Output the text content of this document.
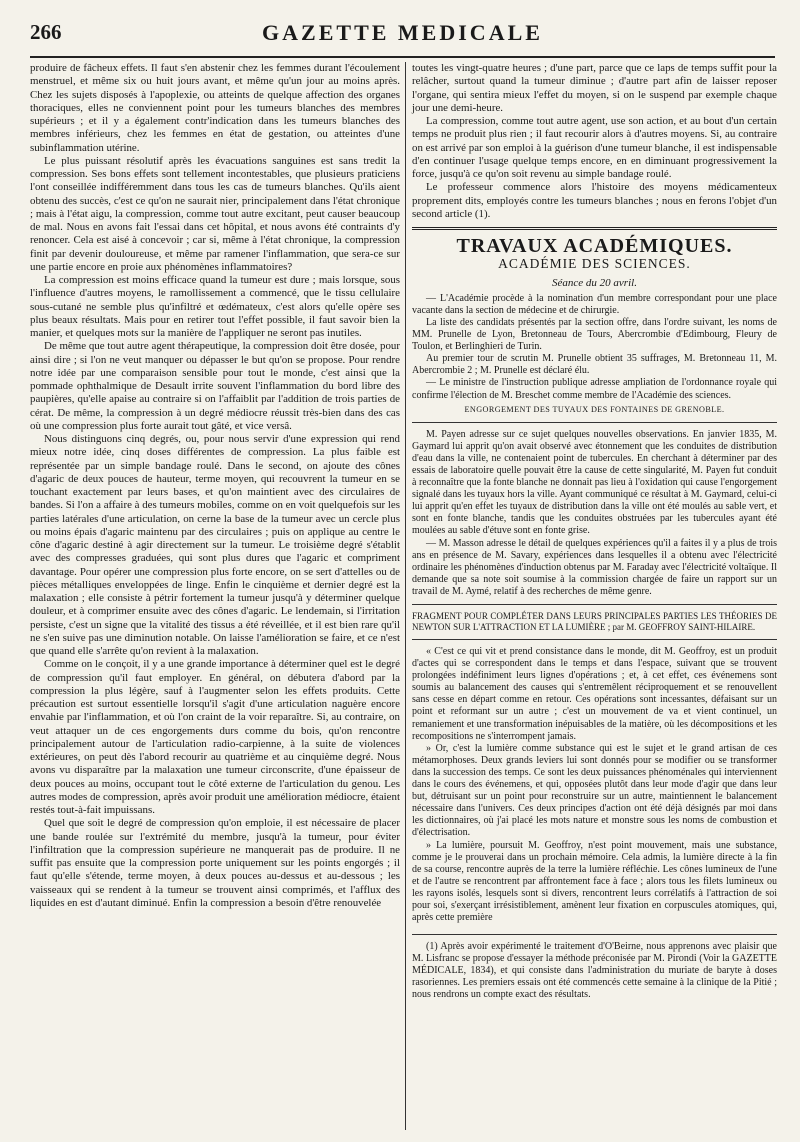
266	GAZETTE MEDICALE

produire de fâcheux effets. Il faut s'en abstenir chez les femmes durant l'écoulement menstruel, et même six ou huit jours avant, et même qu'un jour au moins après. Chez les sujets disposés à l'apoplexie, ou atteints de quelque affection des organes thoraciques, elles ne conviennent point pour les tumeurs blanches des membres supérieurs ; et il y a également contr'indication dans les tumeurs blanches des membres inférieurs, chez les femmes en état de gestation, ou atteintes d'une subinflammation utérine.

Le plus puissant résolutif après les évacuations sanguines est sans tredit la compression. Ses bons effets sont tellement incontestables, que plusieurs praticiens l'ont conseillée indifféremment dans tous les cas de tumeurs blanches. Qu'ils aient obtenu des succès, c'est ce qu'on ne saurait nier, principalement dans l'état chronique ; mais à l'état aigu, la compression, comme tout autre excitant, peut causer beaucoup de mal. Nous en avons fait l'essai dans cet hôpital, et nous avons été contraints d'y renoncer. Cela est aisé à concevoir ; car si, même à l'état chronique, la compression finit par devenir douloureuse, et même par ramener l'inflammation, que sera-ce sur une partie encore en proie aux phénomènes inflammatoires?

La compression est moins efficace quand la tumeur est dure ; mais lorsque, sous l'influence d'autres moyens, le ramollissement a commencé, que le tissu cellulaire sous-cutané ne semble plus qu'infiltré et œdémateux, c'est alors qu'elle opère ses plus beaux résultats. Mais pour en retirer tout l'effet possible, il faut savoir bien la manier, et quelques mots sur la manière de l'appliquer ne seront pas inutiles.

De même que tout autre agent thérapeutique, la compression doit être dosée, pour ainsi dire ; si l'on ne veut manquer ou dépasser le but qu'on se propose. Pour rendre notre idée par une comparaison sensible pour tout le monde, c'est ainsi que la pommade ophthalmique de Desault irrite souvent l'inflammation du bord libre des paupières, qu'elle apaise au contraire si on l'affaiblit par l'addition de trois parties de cérat. De même, la compression à un degré médiocre réussit très-bien dans des cas où une compression plus forte aurait tout gâté, et vice versâ.

Nous distinguons cinq degrés, ou, pour nous servir d'une expression qui rend mieux notre idée, cinq doses différentes de compression. La plus faible est représentée par un simple bandage roulé. Dans le second, on ajoute des cônes d'agaric de deux pouces de hauteur, terme moyen, qui recouvrent la tumeur en se touchant exactement par leurs bases, et qu'on maintient avec des circulaires de bandes. Si l'on a affaire à des tumeurs mobiles, comme on en voit quelquefois sur les parties latérales d'une articulation, on cerne la base de la tumeur avec un cercle plus ou moins épais d'agaric maintenu par des circulaires ; puis on applique au centre le cône d'agaric destiné à agir directement sur la tumeur. Le troisième degré s'établit avec des compresses graduées, qui sont plus dures que l'agaric et compriment davantage. Pour opérer une compression plus forte encore, on se sert d'attelles ou de pièces métalliques enveloppées de linge. Enfin le cinquième et dernier degré est la malaxation ; elle consiste à pétrir fortement la tumeur jusqu'à y déterminer quelque douleur, et à comprimer ensuite avec des cônes d'agaric. Le lendemain, si l'irritation persiste, c'est un signe que la vitalité des tissus a été réveillée, et il est bien rare qu'il ne s'en suive pas une diminution notable. On laisse l'amélioration se faire, et ce n'est que quand elle s'arrête qu'on revient à la malaxation.

Comme on le conçoit, il y a une grande importance à déterminer quel est le degré de compression qu'il faut employer. En général, on débutera d'abord par la compression la plus légère, sauf à l'augmenter selon les effets produits. Cette précaution est surtout essentielle lorsqu'il s'agit d'une articulation naguère encore envahie par l'inflammation, et où l'on craint de la voir reparaître. Si, au contraire, on veut attaquer un de ces engorgements durs comme du bois, qu'on rencontre principalement autour de l'articulation radio-carpienne, à la suite de violences extérieures, on peut dès l'abord recourir au quatrième et au cinquième degré. Nous avons vu disparaître par la malaxation une tumeur circonscrite, d'une épaisseur de deux pouces au moins, occupant tout le côté externe de l'articulation du genou. Les autres modes de compression, après avoir produit une amélioration médiocre, étaient restés tout-à-fait impuissans.

Quel que soit le degré de compression qu'on emploie, il est nécessaire de placer une bande roulée sur l'extrémité du membre, jusqu'à la tumeur, pour éviter l'infiltration que la compression supérieure ne manquerait pas de produire. Il ne suffit pas ensuite que la compression porte uniquement sur les points engorgés ; il faut qu'elle s'étende, terme moyen, à deux pouces au-dessus et au-dessous ; les vaisseaux qui se rendent à la tumeur se trouvent ainsi comprimés, et l'afflux des liquides en est d'autant diminué. Enfin la compression a besoin d'être renouvelée

toutes les vingt-quatre heures ; d'une part, parce que ce laps de temps suffit pour la relâcher, surtout quand la tumeur diminue ; d'autre part afin de laisser reposer l'organe, qui sentira mieux l'effet du moyen, si on le suspend par exemple chaque jour une demi-heure.

La compression, comme tout autre agent, use son action, et au bout d'un certain temps ne produit plus rien ; il faut recourir alors à d'autres moyens. Si, au contraire on est arrivé par son emploi à la guérison d'une tumeur blanche, il est indispensable d'en continuer l'usage quelque temps encore, en en diminuant progressivement la force, jusqu'à ce qu'on soit revenu au simple bandage roulé.

Le professeur commence alors l'histoire des moyens médicamenteux proprement dits, employés contre les tumeurs blanches ; nous en ferons l'objet d'un second article (1).

TRAVAUX ACADÉMIQUES.
ACADÉMIE DES SCIENCES.
Séance du 20 avril.

— L'Académie procède à la nomination d'un membre correspondant pour une place vacante dans la section de médecine et de chirurgie.

La liste des candidats présentés par la section offre, dans l'ordre suivant, les noms de MM. Prunelle de Lyon, Bretonneau de Tours, Abercrombie d'Edimbourg, Fleury de Toulon, et Berlinghieri de Turin.

Au premier tour de scrutin M. Prunelle obtient 35 suffrages, M. Bretonneau 11, M. Abercrombie 2 ; M. Prunelle est déclaré élu.

— Le ministre de l'instruction publique adresse ampliation de l'ordonnance royale qui confirme l'élection de M. Breschet comme membre de l'Académie des sciences.

ENGORGEMENT DES TUYAUX DES FONTAINES DE GRENOBLE.

M. Payen adresse sur ce sujet quelques nouvelles observations. En janvier 1835, M. Gaymard lui apprit qu'on avait observé avec étonnement que les conduites de distribution d'eau dans la ville, ne contenaient point de tubercules. En cherchant à déterminer par des essais de laboratoire quelle pouvait être la cause de cette singularité, M. Payen fut conduit à reconnaître que la fonte blanche ne donnait pas lieu à l'oxidation qui cause l'engorgement signalé dans les tuyaux hors la ville. Ayant communiqué ce résultat à M. Gaymard, celui-ci lui apprit qu'en effet les tuyaux de distribution dans la ville ont été moulés au sable vert, et sont en fonte blanche, tandis que les conduites obstruées par les tubercules ayant été moulées au sable d'étuve sont en fonte grise.

— M. Masson adresse le détail de quelques expériences qu'il a faites il y a plus de trois ans en présence de M. Savary, expériences dans lesquelles il a obtenu avec l'électricité ordinaire les phénomènes d'induction obtenus par M. Faraday avec l'électricité voltaïque. Il demande que sa note soit soumise à la commission chargée de faire un rapport sur un travail de M. Aymé, relatif à des recherches de même genre.

FRAGMENT POUR COMPLÉTER DANS LEURS PRINCIPALES PARTIES LES THÉORIES DE NEWTON SUR L'ATTRACTION ET LA LUMIÈRE ; par M. GEOFFROY SAINT-HILAIRE.

« C'est ce qui vit et prend consistance dans le monde, dit M. Geoffroy, est un produit d'actes qui se correspondent dans le temps et dans l'espace, suivant que se trouvent prolongées indéfiniment leurs lignes d'opérations ; et, à cet effet, ces événemens sont soumis au balancement des causes qui s'entremêlent réciproquement et se renouvellent sans cesse en départ comme en retour. Ces opérations sont incessantes, défaisant sur un point et reformant sur un autre ; c'est un mouvement de va et vient continuel, un remaniement et une transformation inépuisables de la matière, où les décompositions et les recompositions ne s'interrompent jamais.

» Or, c'est la lumière comme substance qui est le sujet et le grand artisan de ces métamorphoses. Deux grands leviers lui sont donnés pour se modifier ou se transformer dans la succession des temps. Ce sont les deux puissances phénoménales qui interviennent dans le cours des événemens, et qui, opposées plutôt dans leur mode d'agir que dans leur but, détruisant sur un point pour reconstruire sur un autre, maintiennent le balancement nécessaire dans l'univers. Ces deux principes d'action ont été déjà désignés par moi dans les dictionnaires, où j'ai placé les mots nature et monstre sous les noms de combustion et d'électrisation.

» La lumière, poursuit M. Geoffroy, n'est point mouvement, mais une substance, comme je le prouverai dans un prochain mémoire. Cela admis, la lumière directe à la fin de sa course, rencontre auprès de la terre la lumière réfléchie. Les cônes lumineux de l'une et de l'autre se rencontrent par affrontement face à face ; alors tous les filets lumineux ou les rayons isolés, lesquels sont si divers, rencontrent leurs corrélatifs à l'attraction de soi pour soi, s'exerçant irrésistiblement, amènent leur fixation en corpuscules atomiques, qui, après cette première

(1) Après avoir expérimenté le traitement d'O'Beirne, nous apprenons avec plaisir que M. Lisfranc se propose d'essayer la méthode préconisée par M. Pirondi (Voir la GAZETTE MÉDICALE, 1834), et qui consiste dans l'administration du muriate de baryte à doses rasoriennes. Les premiers essais ont été commencés cette semaine à la clinique de la Pitié ; nous rendrons un compte exact des résultats.
